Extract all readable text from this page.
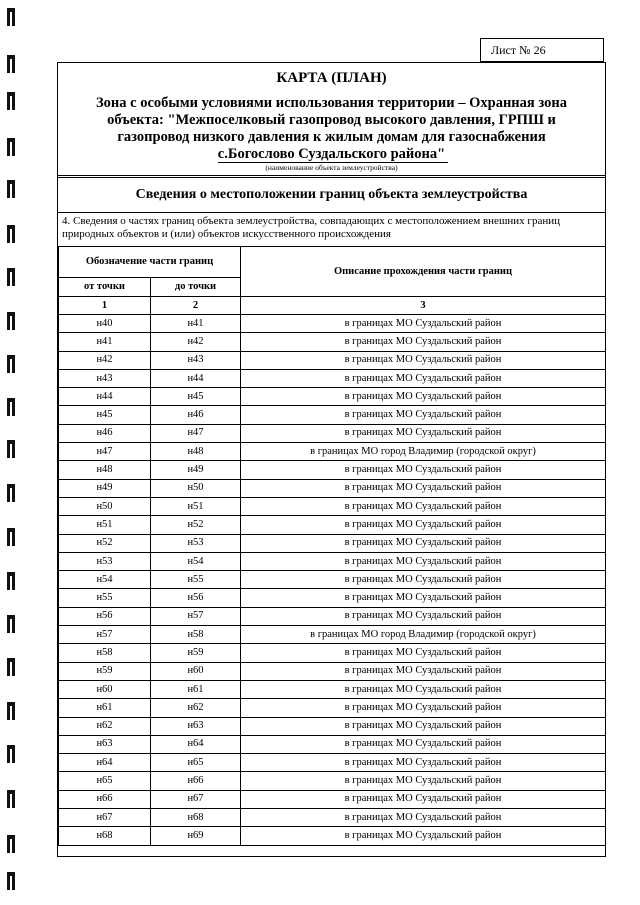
Лист № 26
КАРТА (ПЛАН)
Зона с особыми условиями использования территории – Охранная зона
объекта: "Межпоселковый газопровод высокого давления, ГРПШ и
газопровод низкого давления к жилым домам для газоснабжения
с.Богослово Суздальского района"
(наименование объекта землеустройства)
Сведения о местоположении границ объекта землеустройства
4. Сведения о частях границ объекта землеустройства, совпадающих с местоположением внешних границ природных объектов и (или) объектов искусственного происхождения
Обозначение части границ		Описание прохождения части границ
от точки	до точки	
1	2	3
н40	н41	в границах МО Суздальский район
н41	н42	в границах МО Суздальский район
н42	н43	в границах МО Суздальский район
н43	н44	в границах МО Суздальский район
н44	н45	в границах МО Суздальский район
н45	н46	в границах МО Суздальский район
н46	н47	в границах МО Суздальский район
н47	н48	в границах МО город Владимир (городской округ)
н48	н49	в границах МО Суздальский район
н49	н50	в границах МО Суздальский район
н50	н51	в границах МО Суздальский район
н51	н52	в границах МО Суздальский район
н52	н53	в границах МО Суздальский район
н53	н54	в границах МО Суздальский район
н54	н55	в границах МО Суздальский район
н55	н56	в границах МО Суздальский район
н56	н57	в границах МО Суздальский район
н57	н58	в границах МО город Владимир (городской округ)
н58	н59	в границах МО Суздальский район
н59	н60	в границах МО Суздальский район
н60	н61	в границах МО Суздальский район
н61	н62	в границах МО Суздальский район
н62	н63	в границах МО Суздальский район
н63	н64	в границах МО Суздальский район
н64	н65	в границах МО Суздальский район
н65	н66	в границах МО Суздальский район
н66	н67	в границах МО Суздальский район
н67	н68	в границах МО Суздальский район
н68	н69	в границах МО Суздальский район
